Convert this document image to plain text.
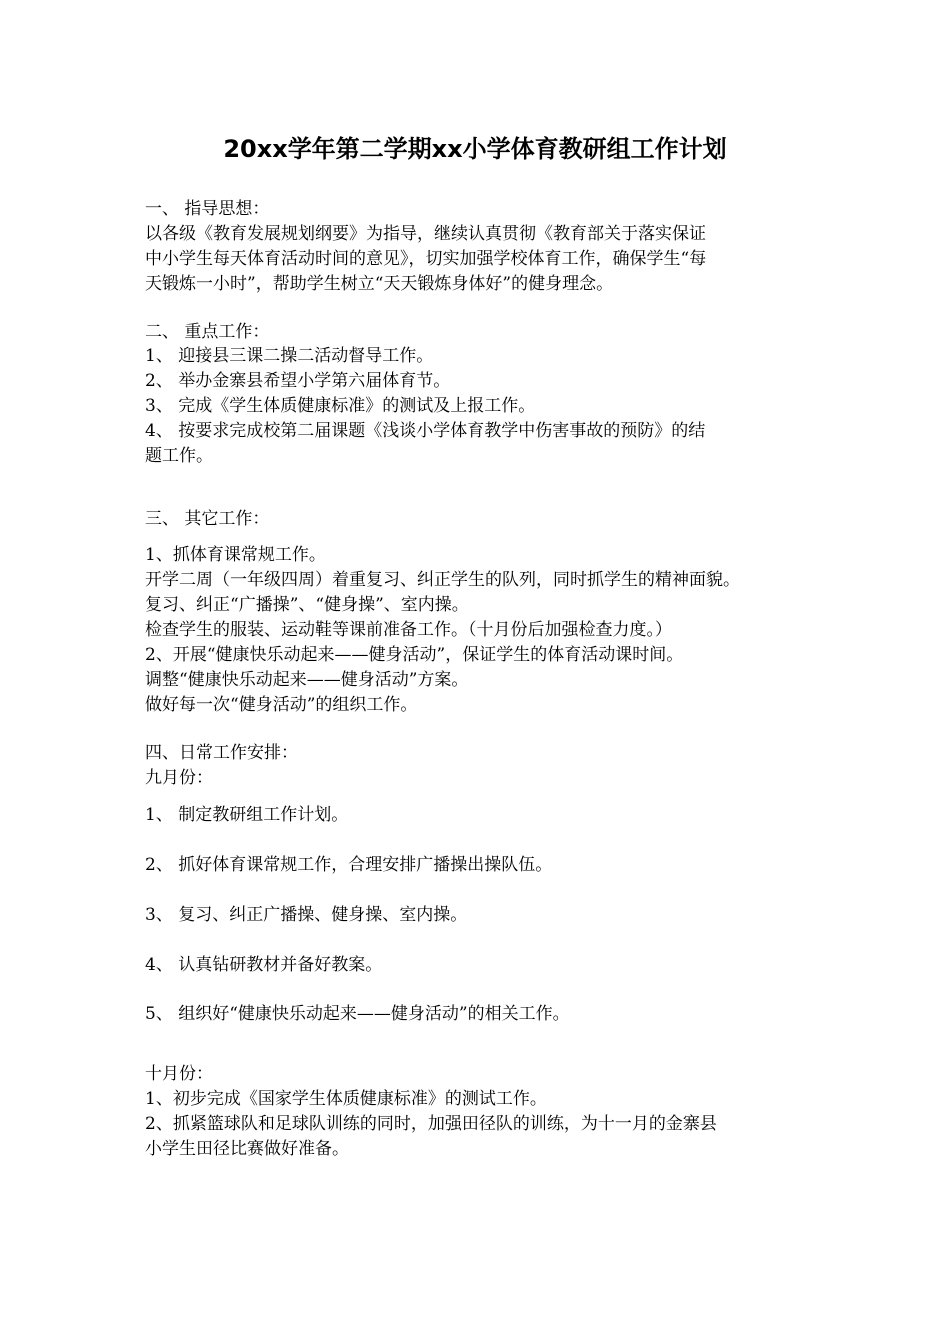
20xx学年第二学期xx小学体育教研组工作计划
一、 指导思想：
以各级《教育发展规划纲要》为指导，继续认真贯彻《教育部关于落实保证
中小学生每天体育活动时间的意见》，切实加强学校体育工作，确保学生“每
天锻炼一小时”，帮助学生树立“天天锻炼身体好”的健身理念。
二、 重点工作：
1、 迎接县三课二操二活动督导工作。
2、 举办金寨县希望小学第六届体育节。
3、 完成《学生体质健康标准》的测试及上报工作。
4、 按要求完成校第二届课题《浅谈小学体育教学中伤害事故的预防》的结
题工作。
三、 其它工作：
1、抓体育课常规工作。
开学二周（一年级四周）着重复习、纠正学生的队列，同时抓学生的精神面貌。
复习、纠正“广播操”、“健身操”、室内操。
检查学生的服装、运动鞋等课前准备工作。（十月份后加强检查力度。）
2、开展“健康快乐动起来——健身活动”，保证学生的体育活动课时间。
调整“健康快乐动起来——健身活动”方案。
做好每一次“健身活动”的组织工作。
四、日常工作安排：
九月份：
1、 制定教研组工作计划。
2、 抓好体育课常规工作，合理安排广播操出操队伍。
3、 复习、纠正广播操、健身操、室内操。
4、 认真钻研教材并备好教案。
5、 组织好“健康快乐动起来——健身活动”的相关工作。
十月份：
1、初步完成《国家学生体质健康标准》的测试工作。
2、抓紧篮球队和足球队训练的同时，加强田径队的训练，为十一月的金寨县
小学生田径比赛做好准备。
